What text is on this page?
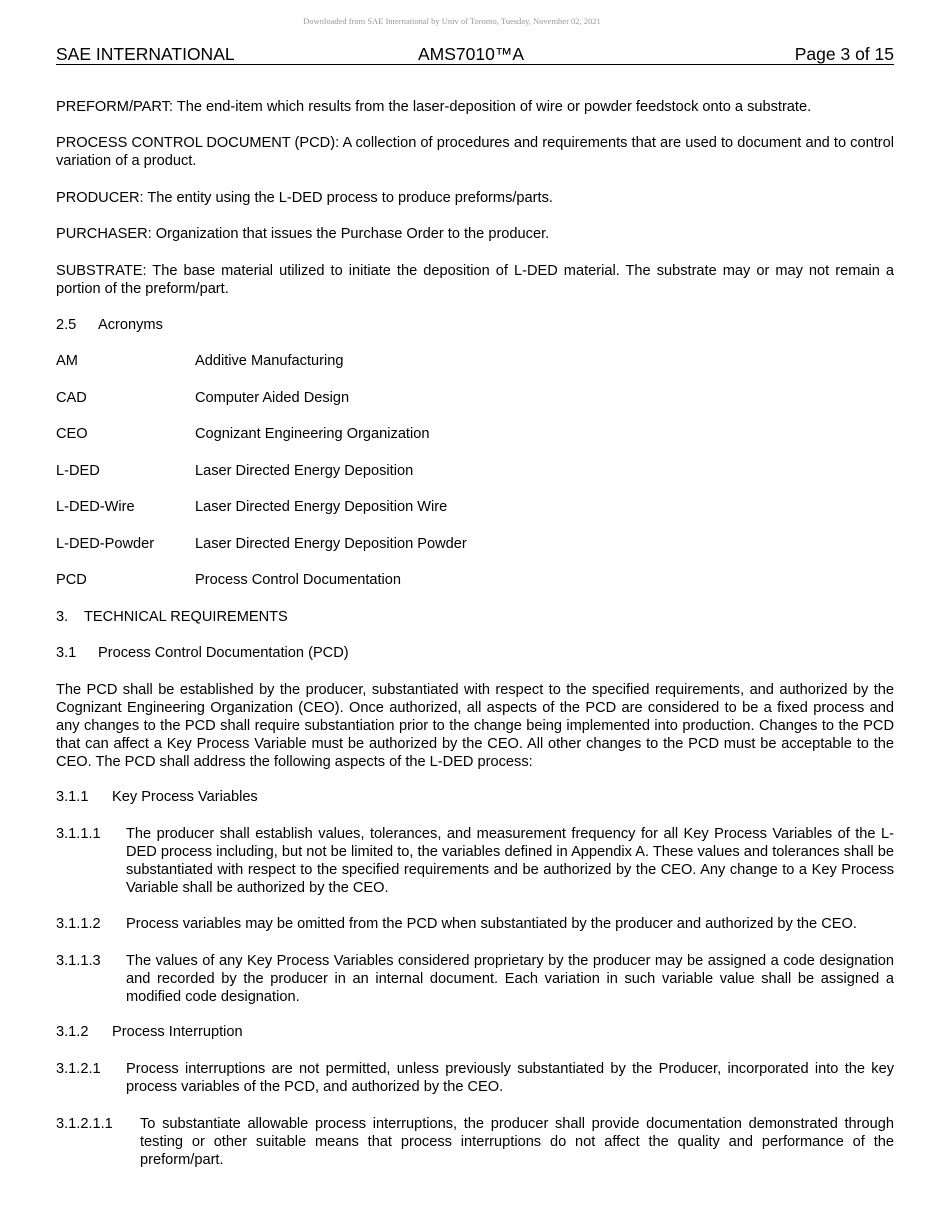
Downloaded from SAE International by Univ of Toronto, Tuesday, November 02, 2021
SAE INTERNATIONAL	AMS7010™A	Page 3 of 15

PREFORM/PART: The end-item which results from the laser-deposition of wire or powder feedstock onto a substrate.

PROCESS CONTROL DOCUMENT (PCD): A collection of procedures and requirements that are used to document and to control variation of a product.

PRODUCER: The entity using the L-DED process to produce preforms/parts.

PURCHASER: Organization that issues the Purchase Order to the producer.

SUBSTRATE: The base material utilized to initiate the deposition of L-DED material. The substrate may or may not remain a portion of the preform/part.

2.5 Acronyms
AM	Additive Manufacturing
CAD	Computer Aided Design
CEO	Cognizant Engineering Organization
L-DED	Laser Directed Energy Deposition
L-DED-Wire	Laser Directed Energy Deposition Wire
L-DED-Powder	Laser Directed Energy Deposition Powder
PCD	Process Control Documentation
3. TECHNICAL REQUIREMENTS
3.1 Process Control Documentation (PCD)

The PCD shall be established by the producer, substantiated with respect to the specified requirements, and authorized by the Cognizant Engineering Organization (CEO). Once authorized, all aspects of the PCD are considered to be a fixed process and any changes to the PCD shall require substantiation prior to the change being implemented into production. Changes to the PCD that can affect a Key Process Variable must be authorized by the CEO. All other changes to the PCD must be acceptable to the CEO. The PCD shall address the following aspects of the L-DED process:

3.1.1 Key Process Variables
3.1.1.1 The producer shall establish values, tolerances, and measurement frequency for all Key Process Variables of the L-DED process including, but not be limited to, the variables defined in Appendix A. These values and tolerances shall be substantiated with respect to the specified requirements and be authorized by the CEO. Any change to a Key Process Variable shall be authorized by the CEO.

3.1.1.2 Process variables may be omitted from the PCD when substantiated by the producer and authorized by the CEO.

3.1.1.3 The values of any Key Process Variables considered proprietary by the producer may be assigned a code designation and recorded by the producer in an internal document. Each variation in such variable value shall be assigned a modified code designation.

3.1.2 Process Interruption
3.1.2.1 Process interruptions are not permitted, unless previously substantiated by the Producer, incorporated into the key process variables of the PCD, and authorized by the CEO.

3.1.2.1.1 To substantiate allowable process interruptions, the producer shall provide documentation demonstrated through testing or other suitable means that process interruptions do not affect the quality and performance of the preform/part.
